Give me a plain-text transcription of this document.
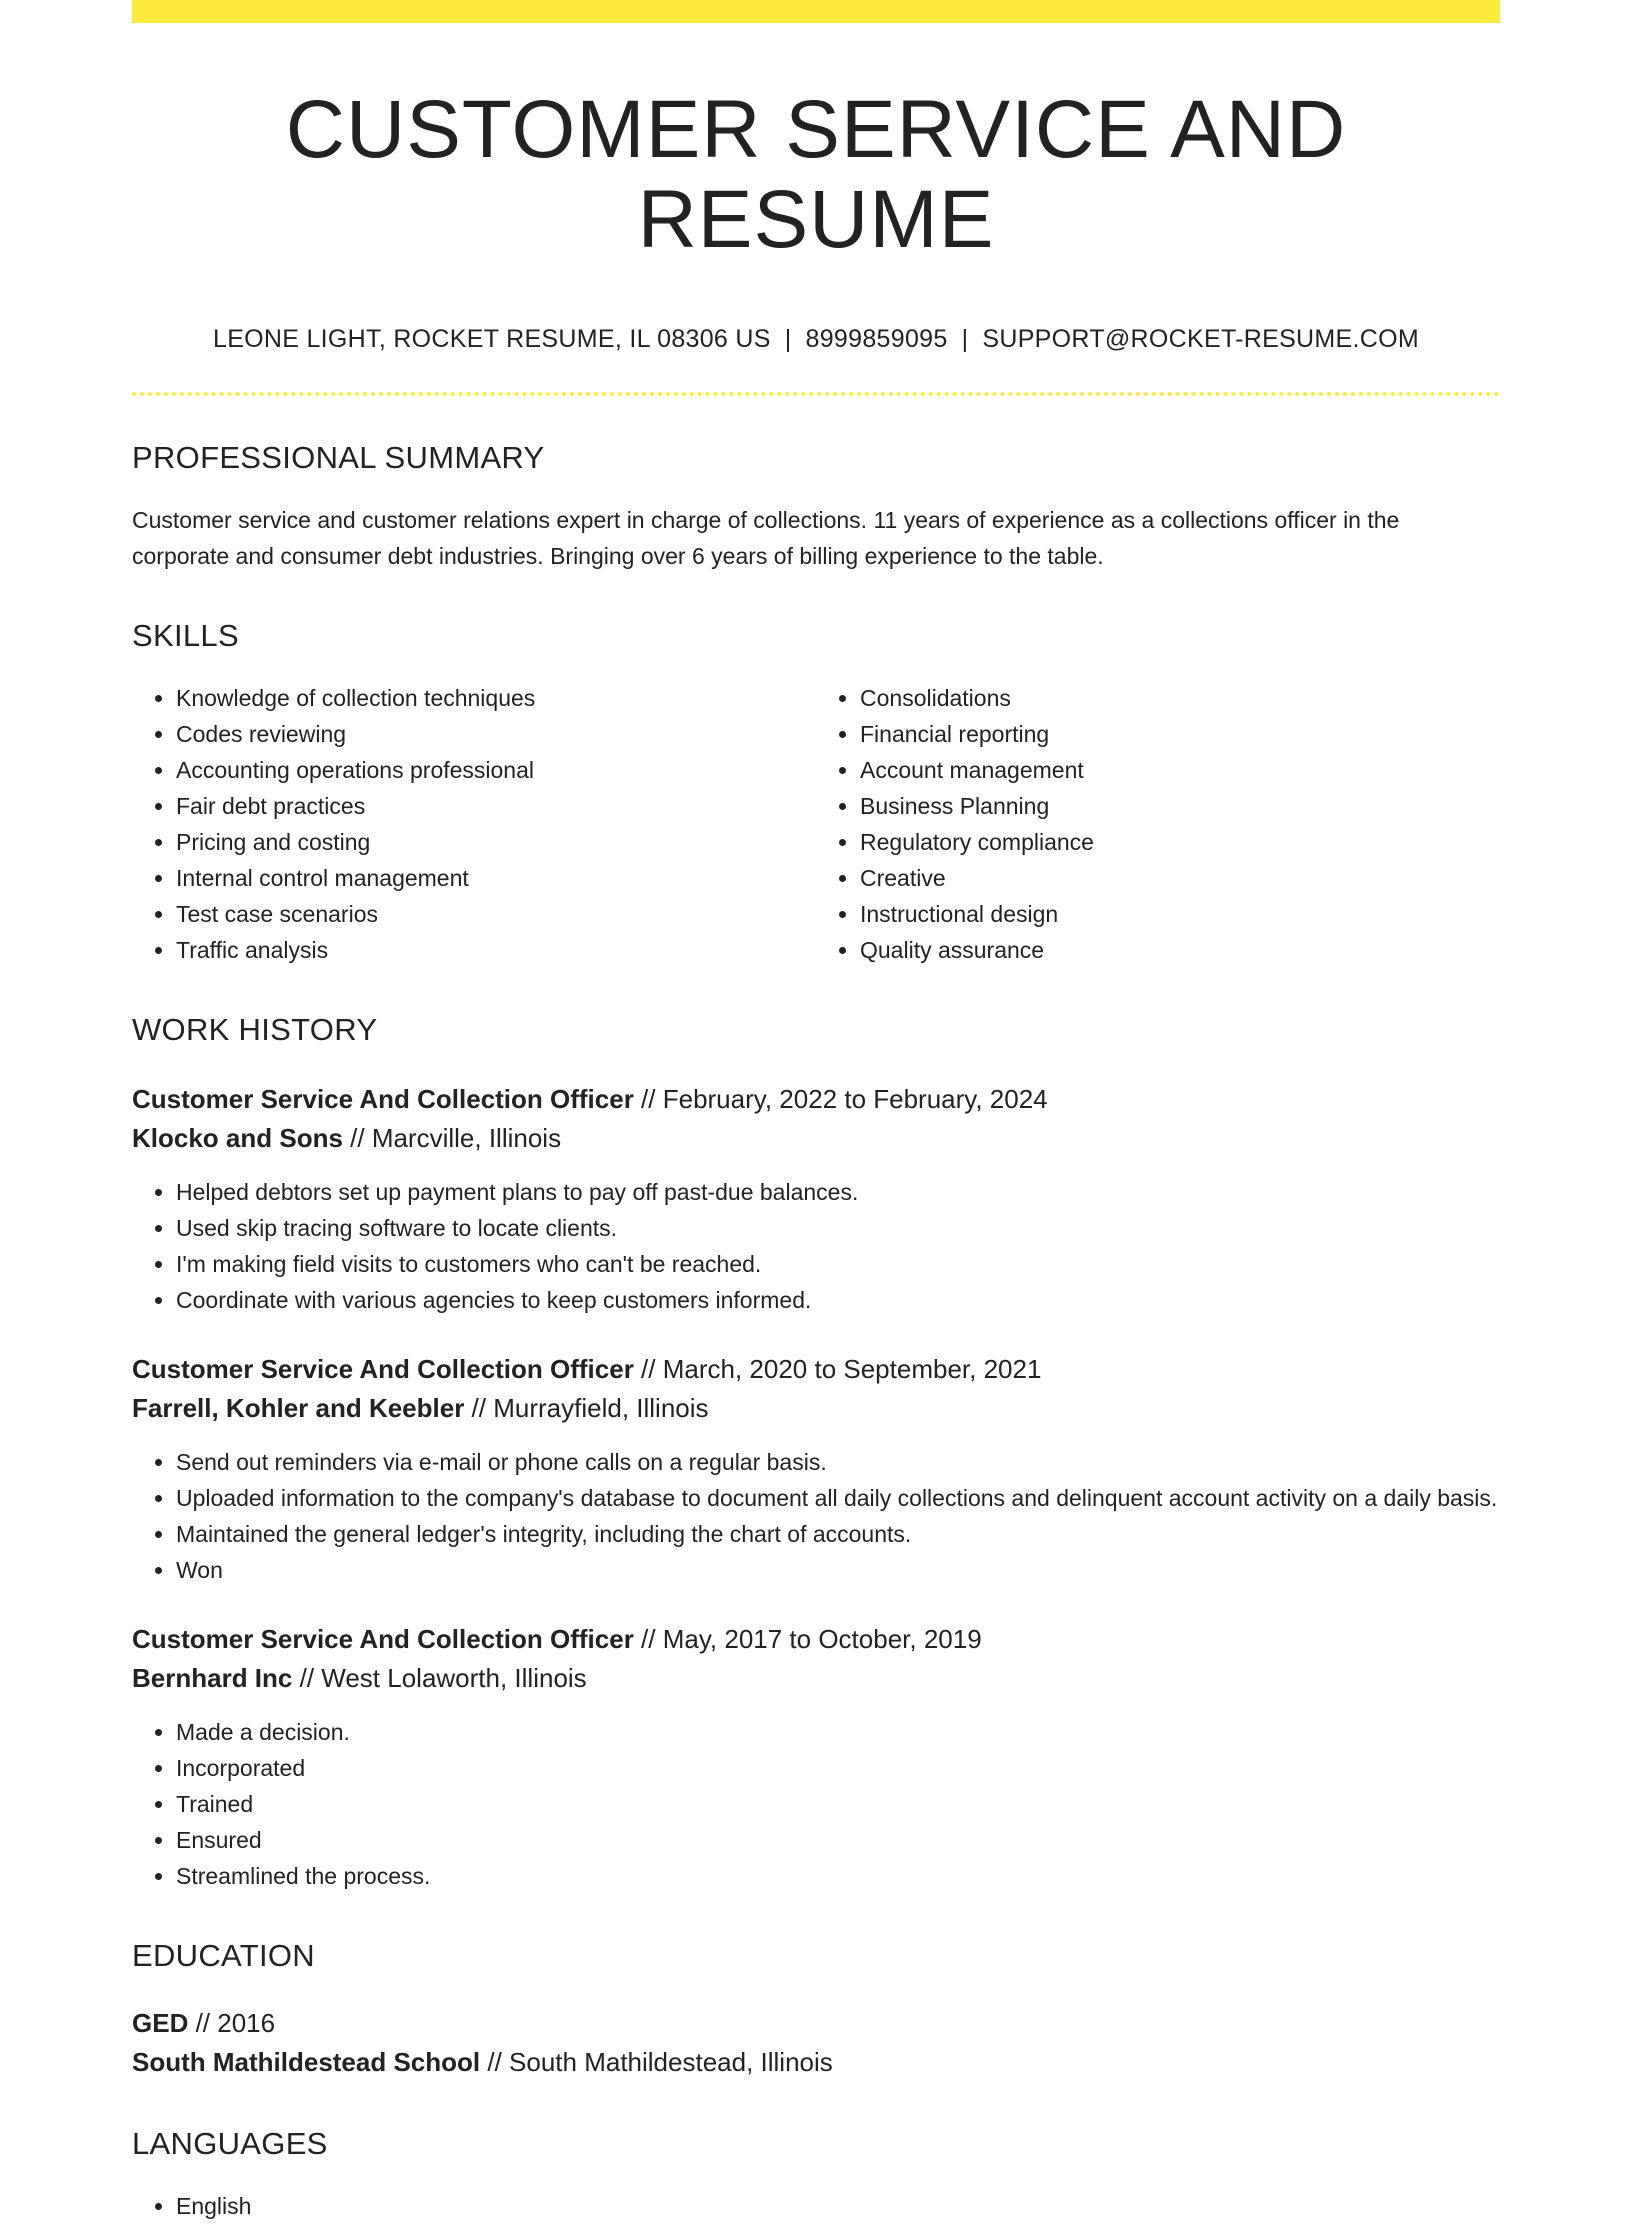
CUSTOMER SERVICE AND RESUME
LEONE LIGHT, ROCKET RESUME, IL 08306 US | 8999859095 | SUPPORT@ROCKET-RESUME.COM
PROFESSIONAL SUMMARY
Customer service and customer relations expert in charge of collections. 11 years of experience as a collections officer in the corporate and consumer debt industries. Bringing over 6 years of billing experience to the table.
SKILLS
• Knowledge of collection techniques
• Codes reviewing
• Accounting operations professional
• Fair debt practices
• Pricing and costing
• Internal control management
• Test case scenarios
• Traffic analysis
• Consolidations
• Financial reporting
• Account management
• Business Planning
• Regulatory compliance
• Creative
• Instructional design
• Quality assurance
WORK HISTORY
Customer Service And Collection Officer // February, 2022 to February, 2024
Klocko and Sons // Marcville, Illinois
• Helped debtors set up payment plans to pay off past-due balances.
• Used skip tracing software to locate clients.
• I'm making field visits to customers who can't be reached.
• Coordinate with various agencies to keep customers informed.
Customer Service And Collection Officer // March, 2020 to September, 2021
Farrell, Kohler and Keebler // Murrayfield, Illinois
• Send out reminders via e-mail or phone calls on a regular basis.
• Uploaded information to the company's database to document all daily collections and delinquent account activity on a daily basis.
• Maintained the general ledger's integrity, including the chart of accounts.
• Won
Customer Service And Collection Officer // May, 2017 to October, 2019
Bernhard Inc // West Lolaworth, Illinois
• Made a decision.
• Incorporated
• Trained
• Ensured
• Streamlined the process.
EDUCATION
GED // 2016
South Mathildestead School // South Mathildestead, Illinois
LANGUAGES
• English
